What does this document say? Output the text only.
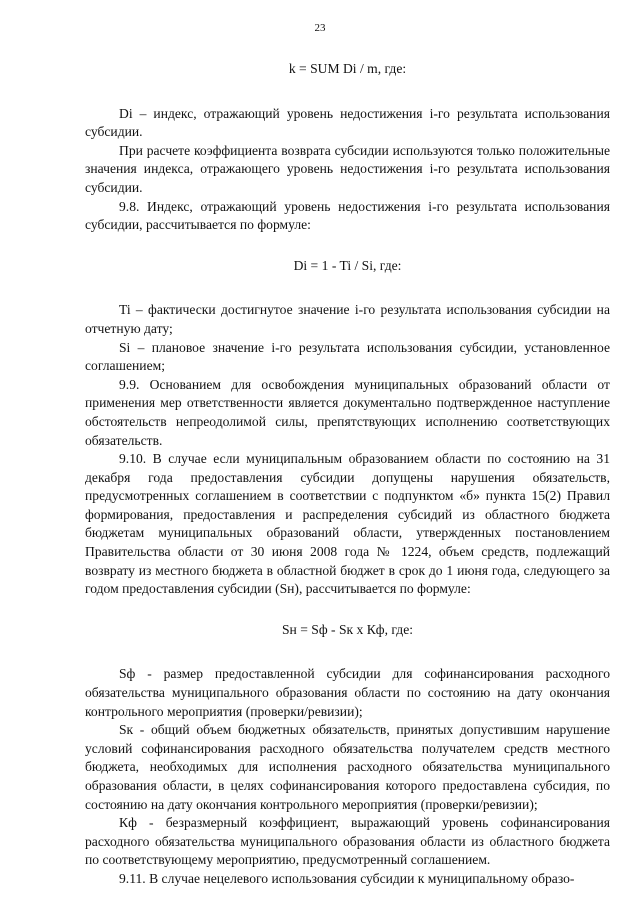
23
k = SUM Di / m, где:

Di – индекс, отражающий уровень недостижения i-го результата использования субсидии.

При расчете коэффициента возврата субсидии используются только положительные значения индекса, отражающего уровень недостижения i-го результата использования субсидии.

9.8. Индекс, отражающий уровень недостижения i-го результата использования субсидии, рассчитывается по формуле:

Di = 1 - Ti / Si, где:

Ti – фактически достигнутое значение i-го результата использования субсидии на отчетную дату;

Si – плановое значение i-го результата использования субсидии, установленное соглашением;

9.9. Основанием для освобождения муниципальных образований области от применения мер ответственности является документально подтвержденное наступление обстоятельств непреодолимой силы, препятствующих исполнению соответствующих обязательств.

9.10. В случае если муниципальным образованием области по состоянию на 31 декабря года предоставления субсидии допущены нарушения обязательств, предусмотренных соглашением в соответствии с подпунктом «б» пункта 15(2) Правил формирования, предоставления и распределения субсидий из областного бюджета бюджетам муниципальных образований области, утвержденных постановлением Правительства области от 30 июня 2008 года № 1224, объем средств, подлежащий возврату из местного бюджета в областной бюджет в срок до 1 июня года, следующего за годом предоставления субсидии (Sн), рассчитывается по формуле:

Sн = Sф - Sк х Кф, где:

Sф - размер предоставленной субсидии для софинансирования расходного обязательства муниципального образования области по состоянию на дату окончания контрольного мероприятия (проверки/ревизии);

Sк - общий объем бюджетных обязательств, принятых допустившим нарушение условий софинансирования расходного обязательства получателем средств местного бюджета, необходимых для исполнения расходного обязательства муниципального образования области, в целях софинансирования которого предоставлена субсидия, по состоянию на дату окончания контрольного мероприятия (проверки/ревизии);

Кф - безразмерный коэффициент, выражающий уровень софинансирования расходного обязательства муниципального образования области из областного бюджета по соответствующему мероприятию, предусмотренный соглашением.

9.11. В случае нецелевого использования субсидии к муниципальному образо-
